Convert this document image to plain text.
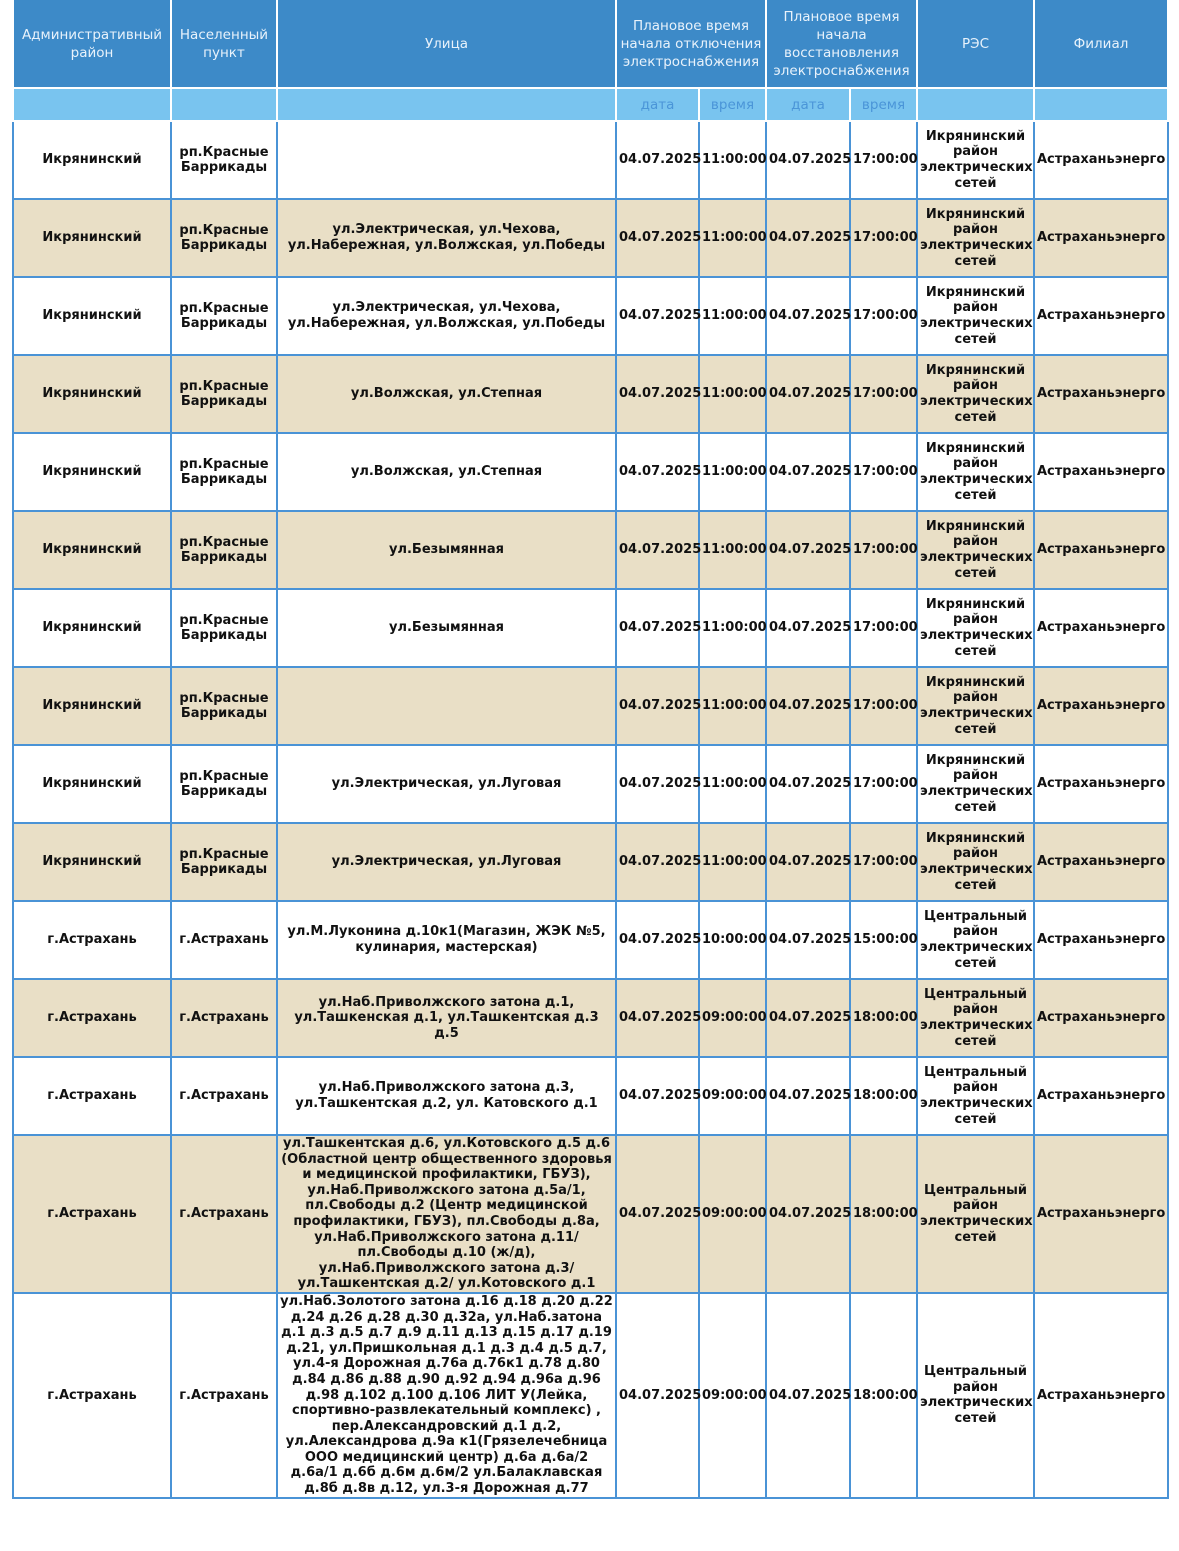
Административный район	Населенный пункт	Улица	Плановое время начала отключения электроснабжения		Плановое время начала восстановления электроснабжения		РЭС	Филиал
			дата	время	дата	время		
Икрянинский	рп.Красные Баррикады		04.07.2025	11:00:00	04.07.2025	17:00:00	Икрянинский район электрических сетей	Астраханьэнерго
Икрянинский	рп.Красные Баррикады	ул.Электрическая, ул.Чехова, ул.Набережная, ул.Волжская, ул.Победы	04.07.2025	11:00:00	04.07.2025	17:00:00	Икрянинский район электрических сетей	Астраханьэнерго
Икрянинский	рп.Красные Баррикады	ул.Электрическая, ул.Чехова, ул.Набережная, ул.Волжская, ул.Победы	04.07.2025	11:00:00	04.07.2025	17:00:00	Икрянинский район электрических сетей	Астраханьэнерго
Икрянинский	рп.Красные Баррикады	ул.Волжская, ул.Степная	04.07.2025	11:00:00	04.07.2025	17:00:00	Икрянинский район электрических сетей	Астраханьэнерго
Икрянинский	рп.Красные Баррикады	ул.Волжская, ул.Степная	04.07.2025	11:00:00	04.07.2025	17:00:00	Икрянинский район электрических сетей	Астраханьэнерго
Икрянинский	рп.Красные Баррикады	ул.Безымянная	04.07.2025	11:00:00	04.07.2025	17:00:00	Икрянинский район электрических сетей	Астраханьэнерго
Икрянинский	рп.Красные Баррикады	ул.Безымянная	04.07.2025	11:00:00	04.07.2025	17:00:00	Икрянинский район электрических сетей	Астраханьэнерго
Икрянинский	рп.Красные Баррикады		04.07.2025	11:00:00	04.07.2025	17:00:00	Икрянинский район электрических сетей	Астраханьэнерго
Икрянинский	рп.Красные Баррикады	ул.Электрическая, ул.Луговая	04.07.2025	11:00:00	04.07.2025	17:00:00	Икрянинский район электрических сетей	Астраханьэнерго
Икрянинский	рп.Красные Баррикады	ул.Электрическая, ул.Луговая	04.07.2025	11:00:00	04.07.2025	17:00:00	Икрянинский район электрических сетей	Астраханьэнерго
г.Астрахань	г.Астрахань	ул.М.Луконина д.10к1(Магазин, ЖЭК №5, кулинария, мастерская)	04.07.2025	10:00:00	04.07.2025	15:00:00	Центральный район электрических сетей	Астраханьэнерго
г.Астрахань	г.Астрахань	ул.Наб.Приволжского затона д.1, ул.Ташкенская д.1, ул.Ташкентская д.3 д.5	04.07.2025	09:00:00	04.07.2025	18:00:00	Центральный район электрических сетей	Астраханьэнерго
г.Астрахань	г.Астрахань	ул.Наб.Приволжского затона д.3, ул.Ташкентская д.2, ул. Катовского д.1	04.07.2025	09:00:00	04.07.2025	18:00:00	Центральный район электрических сетей	Астраханьэнерго
г.Астрахань	г.Астрахань	ул.Ташкентская д.6, ул.Котовского д.5 д.6 (Областной центр общественного здоровья и медицинской профилактики, ГБУЗ), ул.Наб.Приволжского затона д.5а/1, пл.Свободы д.2 (Центр медицинской профилактики, ГБУЗ), пл.Свободы д.8а, ул.Наб.Приволжского затона д.11/ пл.Свободы д.10 (ж/д), ул.Наб.Приволжского затона д.3/ ул.Ташкентская д.2/ ул.Котовского д.1	04.07.2025	09:00:00	04.07.2025	18:00:00	Центральный район электрических сетей	Астраханьэнерго
г.Астрахань	г.Астрахань	ул.Наб.Золотого затона д.16 д.18 д.20 д.22 д.24 д.26 д.28 д.30 д.32а, ул.Наб.затона д.1 д.3 д.5 д.7 д.9 д.11 д.13 д.15 д.17 д.19 д.21, ул.Пришкольная д.1 д.3 д.4 д.5 д.7, ул.4-я Дорожная д.76а д.76к1 д.78 д.80 д.84 д.86 д.88 д.90 д.92 д.94 д.96а д.96 д.98 д.102 д.100 д.106 ЛИТ У(Лейка, спортивно-развлекательный комплекс) , пер.Александровский д.1 д.2, ул.Александрова д.9а к1(Грязелечебница ООО медицинский центр) д.6а д.6а/2 д.6а/1 д.6б д.6м д.6м/2 ул.Балаклавская д.8б д.8в д.12, ул.3-я Дорожная д.77	04.07.2025	09:00:00	04.07.2025	18:00:00	Центральный район электрических сетей	Астраханьэнерго
